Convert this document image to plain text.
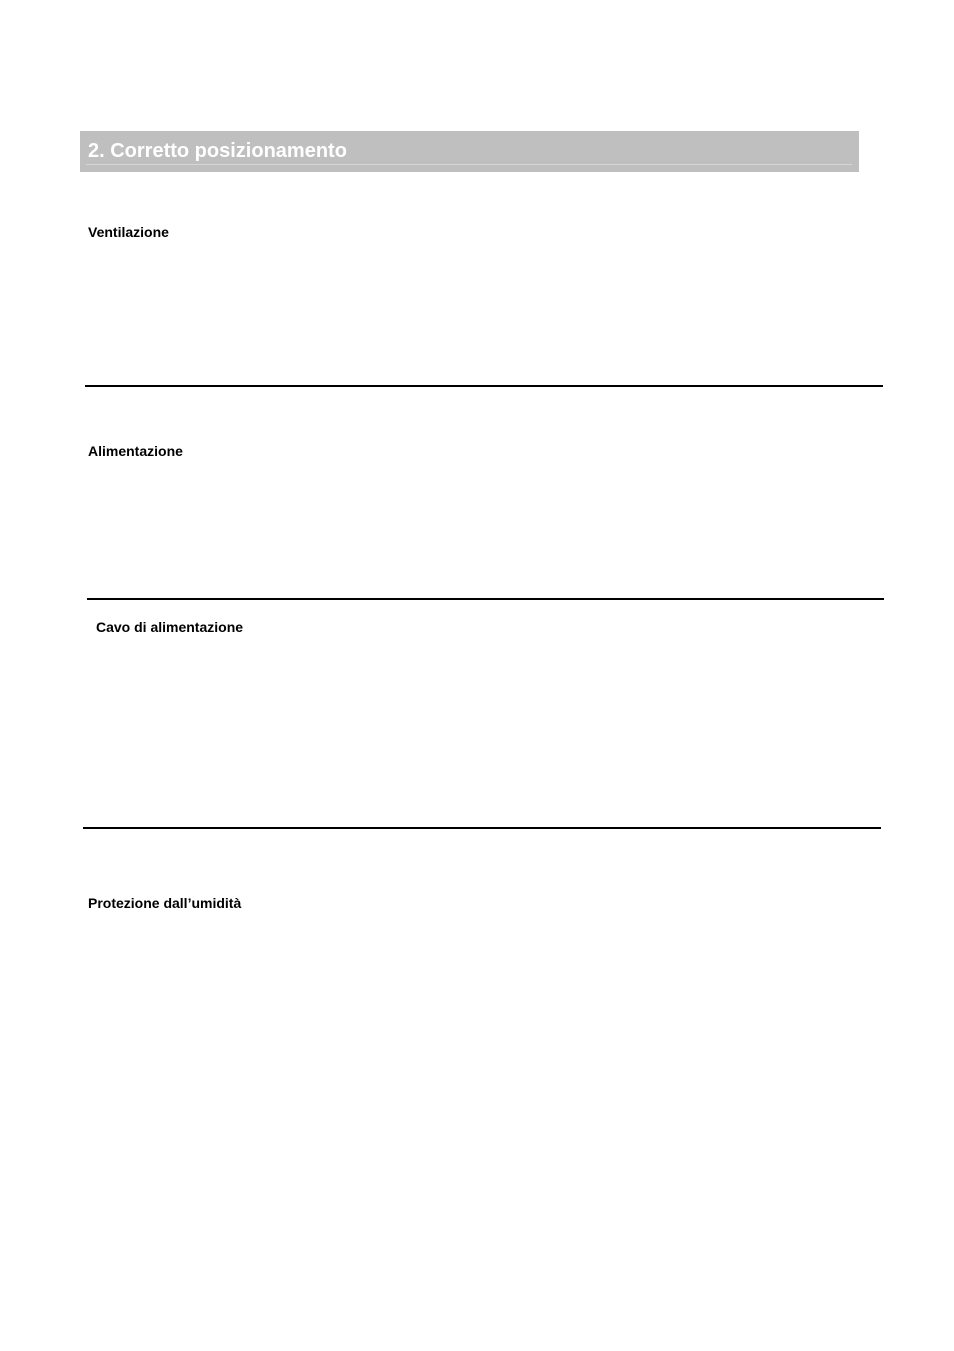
2. Corretto posizionamento
Ventilazione
Alimentazione
Cavo di alimentazione
Protezione dall’umidità
